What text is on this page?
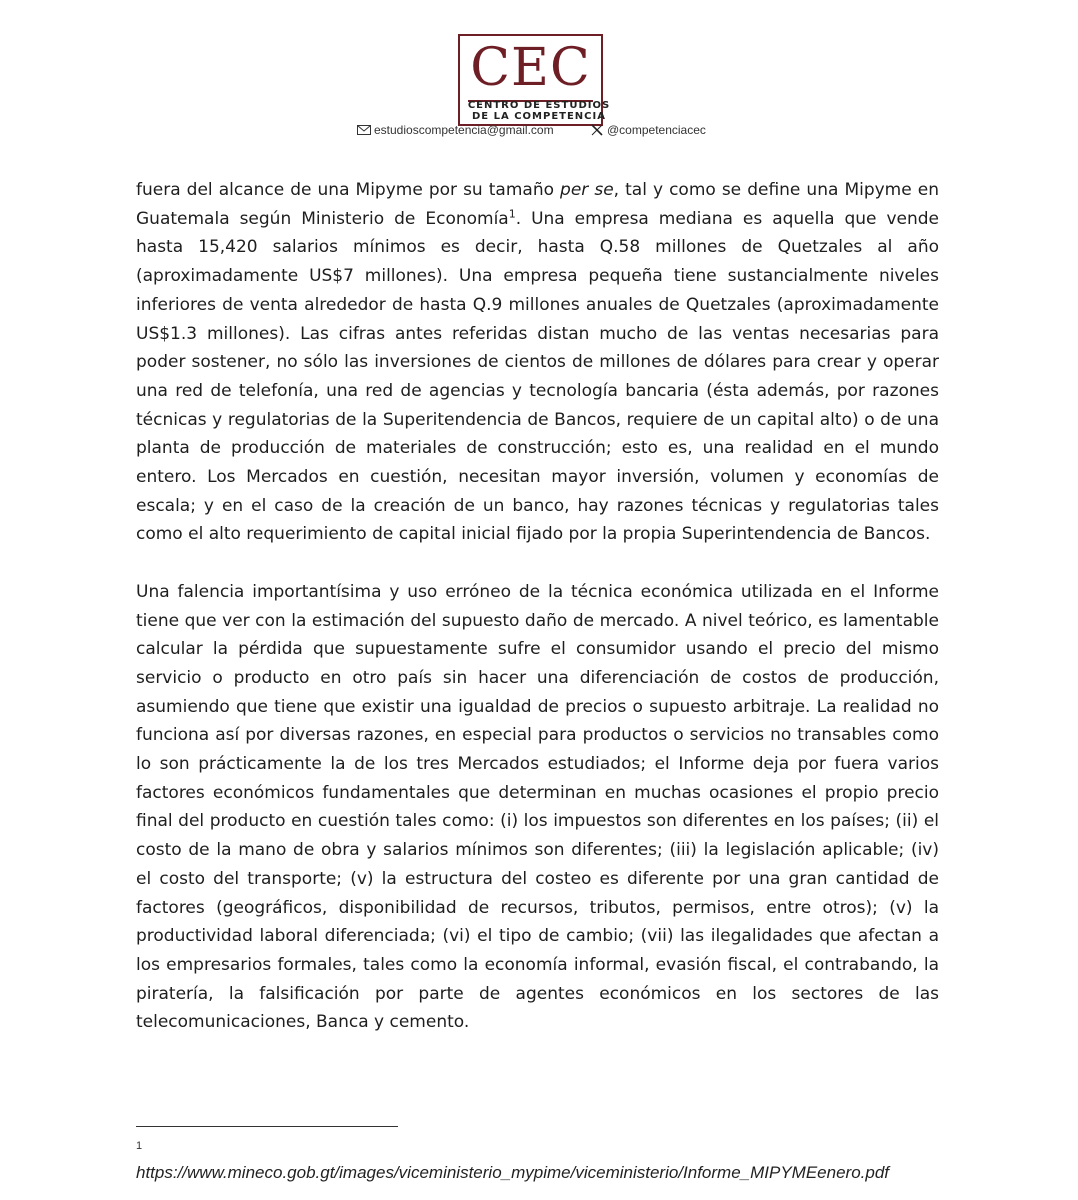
CEC
CENTRO DE ESTUDIOS
DE LA COMPETENCIA
estudioscompetencia@gmail.com	@competenciacec

fuera del alcance de una Mipyme por su tamaño per se, tal y como se define una Mipyme en Guatemala según Ministerio de Economía$^1$. Una empresa mediana es aquella que vende hasta 15,420 salarios mínimos es decir, hasta Q.58 millones de Quetzales al año (aproximadamente US$7 millones). Una empresa pequeña tiene sustancialmente niveles inferiores de venta alrededor de hasta Q.9 millones anuales de Quetzales (aproximadamente US$1.3 millones). Las cifras antes referidas distan mucho de las ventas necesarias para poder sostener, no sólo las inversiones de cientos de millones de dólares para crear y operar una red de telefonía, una red de agencias y tecnología bancaria (ésta además, por razones técnicas y regulatorias de la Superitendencia de Bancos, requiere de un capital alto) o de una planta de producción de materiales de construcción; esto es, una realidad en el mundo entero. Los Mercados en cuestión, necesitan mayor inversión, volumen y economías de escala; y en el caso de la creación de un banco, hay razones técnicas y regulatorias tales como el alto requerimiento de capital inicial fijado por la propia Superintendencia de Bancos.

Una falencia importantísima y uso erróneo de la técnica económica utilizada en el Informe tiene que ver con la estimación del supuesto daño de mercado. A nivel teórico, es lamentable calcular la pérdida que supuestamente sufre el consumidor usando el precio del mismo servicio o producto en otro país sin hacer una diferenciación de costos de producción, asumiendo que tiene que existir una igualdad de precios o supuesto arbitraje. La realidad no funciona así por diversas razones, en especial para productos o servicios no transables como lo son prácticamente la de los tres Mercados estudiados; el Informe deja por fuera varios factores económicos fundamentales que determinan en muchas ocasiones el propio precio final del producto en cuestión tales como: (i) los impuestos son diferentes en los países; (ii) el costo de la mano de obra y salarios mínimos son diferentes; (iii) la legislación aplicable; (iv) el costo del transporte; (v) la estructura del costeo es diferente por una gran cantidad de factores (geográficos, disponibilidad de recursos, tributos, permisos, entre otros); (v) la productividad laboral diferenciada; (vi) el tipo de cambio; (vii) las ilegalidades que afectan a los empresarios formales, tales como la economía informal, evasión fiscal, el contrabando, la piratería, la falsificación por parte de agentes económicos en los sectores de las telecomunicaciones, Banca y cemento.

1
https://www.mineco.gob.gt/images/viceministerio_mypime/viceministerio/Informe_MIPYMEenero.pdf
